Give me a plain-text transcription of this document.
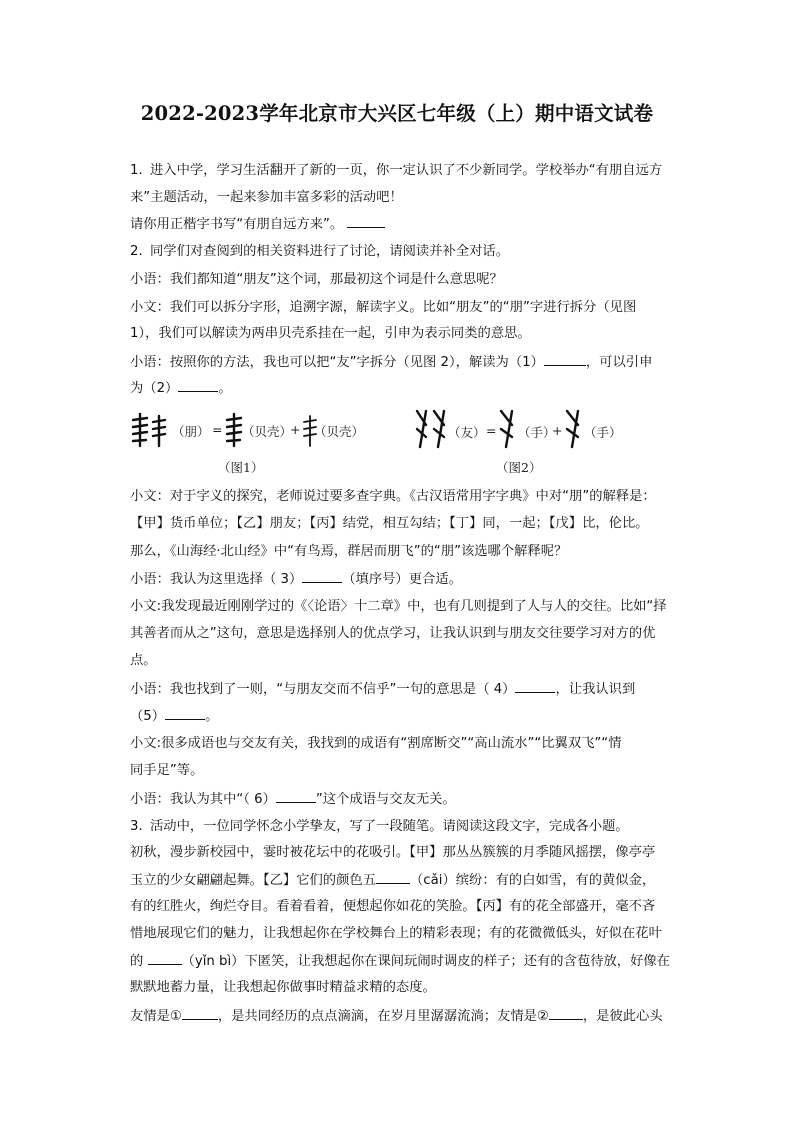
2022-2023学年北京市大兴区七年级（上）期中语文试卷
1. 进入中学，学习生活翻开了新的一页，你一定认识了不少新同学。学校举办“有朋自远方
来”主题活动，一起来参加丰富多彩的活动吧！
请你用正楷字书写“有朋自远方来”。
2. 同学们对查阅到的相关资料进行了讨论，请阅读并补全对话。
小语：我们都知道“朋友”这个词，那最初这个词是什么意思呢？
小文：我们可以拆分字形，追溯字源，解读字义。比如“朋友”的“朋”字进行拆分（见图
1），我们可以解读为两串贝壳系挂在一起，引申为表示同类的意思。
小语：按照你的方法，我也可以把“友”字拆分（见图 2），解读为（1）	，可以引申
为（2）	。
（朋） = （贝壳）
+ （贝壳）
（图1）
（友） = （手）
+ （手）
（图2）
小文：对于字义的探究，老师说过要多查字典。《古汉语常用字字典》中对“朋”的解释是：
【甲】货币单位；【乙】朋友；【丙】结党，相互勾结；【丁】同，一起；【戊】比，伦比。
那么，《山海经·北山经》中“有鸟焉，群居而朋飞”的“朋”该选哪个解释呢？
小语：我认为这里选择（ 3）	（填序号）更合适。
小文:我发现最近刚刚学过的《〈论语〉十二章》中，也有几则提到了人与人的交往。比如“择
其善者而从之”这句，意思是选择别人的优点学习，让我认识到与朋友交往要学习对方的优
点。
小语：我也找到了一则，“与朋友交而不信乎”一句的意思是（ 4）	，让我认识到
（5）	。
小文:很多成语也与交友有关，我找到的成语有“割席断交”“高山流水”“比翼双飞”“情
同手足”等。
小语：我认为其中“（ 6）	”这个成语与交友无关。
3. 活动中，一位同学怀念小学挚友，写了一段随笔。请阅读这段文字，完成各小题。
初秋，漫步新校园中，霎时被花坛中的花吸引。【甲】那丛丛簇簇的月季随风摇摆，像亭亭
玉立的少女翩翩起舞。【乙】它们的颜色五	（cǎi）缤纷：有的白如雪，有的黄似金，
有的红胜火，绚烂夺目。看着看着，便想起你如花的笑脸。【丙】有的花全部盛开，毫不吝
惜地展现它们的魅力，让我想起你在学校舞台上的精彩表现；有的花微微低头，好似在花叶
的	（yǐn bì）下匿笑，让我想起你在课间玩闹时调皮的样子；还有的含苞待放，好像在
默默地蓄力量，让我想起你做事时精益求精的态度。
友情是①	，是共同经历的点点滴滴，在岁月里潺潺流淌；友情是②	，是彼此心头
